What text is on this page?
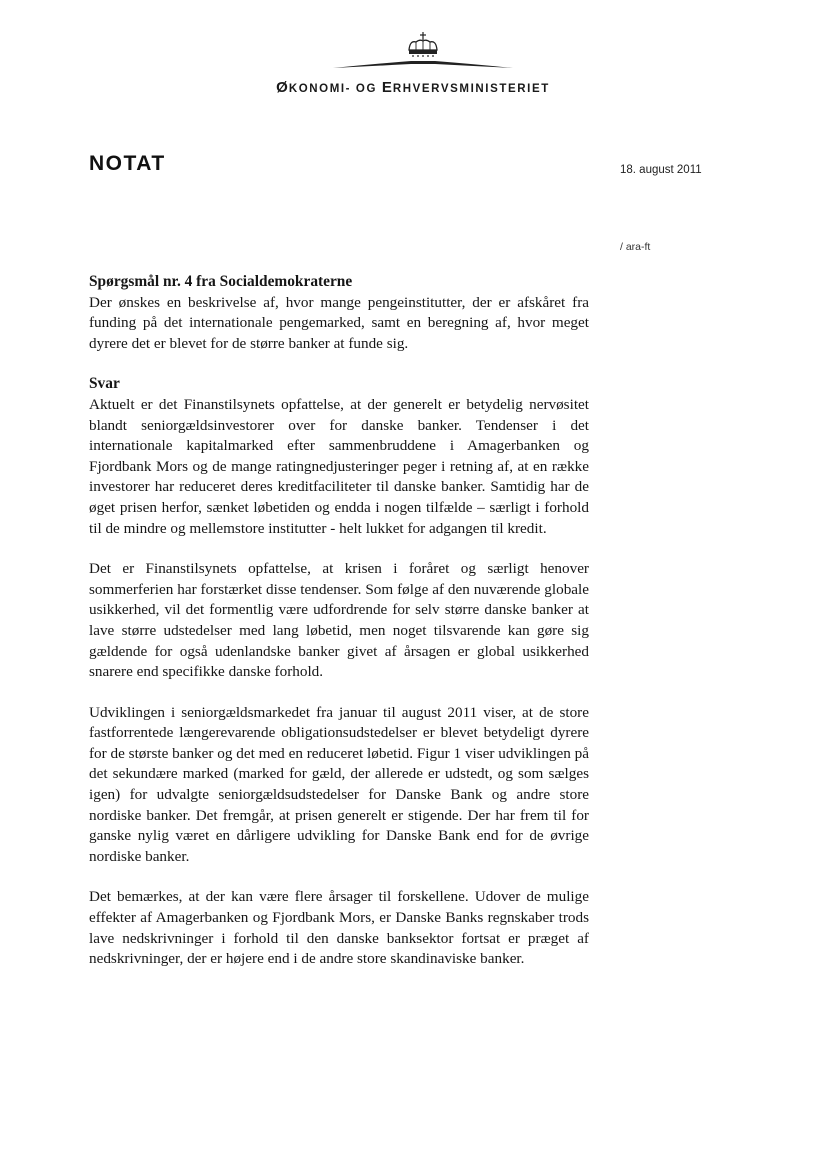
ØKONOMI- OG ERHVERVSMINISTERIET
NOTAT	18. august 2011
/ ara-ft
Spørgsmål nr. 4 fra Socialdemokraterne

Der ønskes en beskrivelse af, hvor mange pengeinstitutter, der er afskåret fra funding på det internationale pengemarked, samt en beregning af, hvor meget dyrere det er blevet for de større banker at funde sig.

Svar

Aktuelt er det Finanstilsynets opfattelse, at der generelt er betydelig nervøsitet blandt seniorgældsinvestorer over for danske banker. Tendenser i det internationale kapitalmarked efter sammenbruddene i Amagerbanken og Fjordbank Mors og de mange ratingnedjusteringer peger i retning af, at en række investorer har reduceret deres kreditfaciliteter til danske banker. Samtidig har de øget prisen herfor, sænket løbetiden og endda i nogen tilfælde – særligt i forhold til de mindre og mellemstore institutter - helt lukket for adgangen til kredit.

Det er Finanstilsynets opfattelse, at krisen i foråret og særligt henover sommerferien har forstærket disse tendenser. Som følge af den nuværende globale usikkerhed, vil det formentlig være udfordrende for selv større danske banker at lave større udstedelser med lang løbetid, men noget tilsvarende kan gøre sig gældende for også udenlandske banker givet af årsagen er global usikkerhed snarere end specifikke danske forhold.

Udviklingen i seniorgældsmarkedet fra januar til august 2011 viser, at de store fastforrentede længerevarende obligationsudstedelser er blevet betydeligt dyrere for de største banker og det med en reduceret løbetid. Figur 1 viser udviklingen på det sekundære marked (marked for gæld, der allerede er udstedt, og som sælges igen) for udvalgte seniorgældsudstedelser for Danske Bank og andre store nordiske banker. Det fremgår, at prisen generelt er stigende. Der har frem til for ganske nylig været en dårligere udvikling for Danske Bank end for de øvrige nordiske banker.

Det bemærkes, at der kan være flere årsager til forskellene. Udover de mulige effekter af Amagerbanken og Fjordbank Mors, er Danske Banks regnskaber trods lave nedskrivninger i forhold til den danske banksektor fortsat er præget af nedskrivninger, der er højere end i de andre store skandinaviske banker.
